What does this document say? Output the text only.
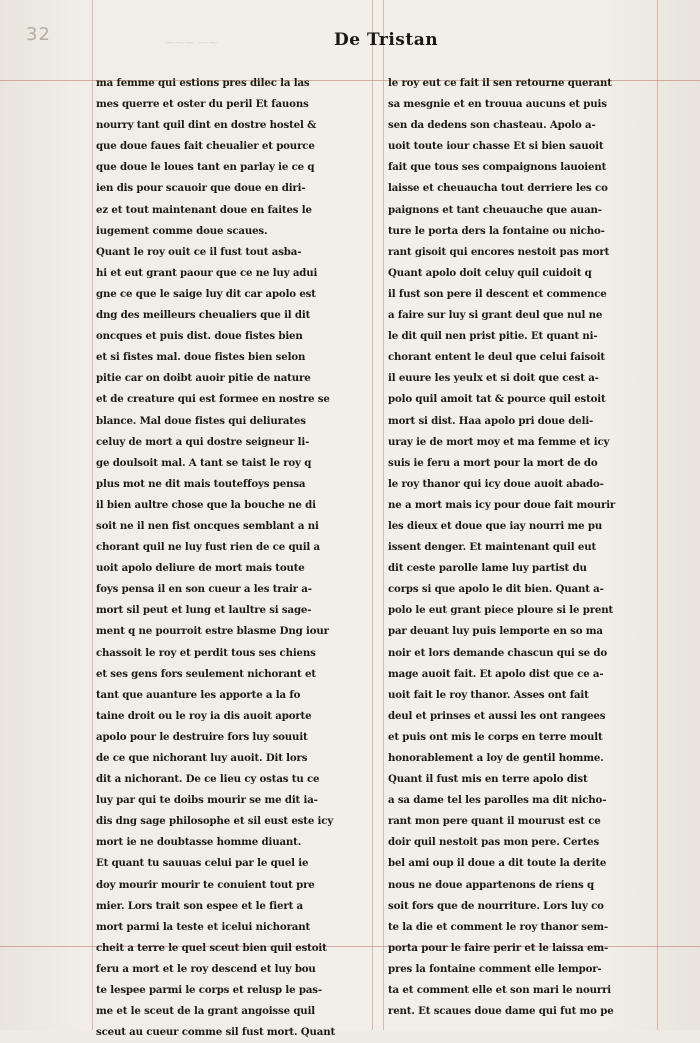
⁓⁓⁓ ⁓⁓
32	De Tristan
ma femme qui estions pres dilec la las
mes querre et oster du peril Et fauons
nourry tant quil dint en dostre hostel &
que doue faues fait cheualier et pource
que doue le loues tant en parlay ie ce q
ien dis pour scauoir que doue en diri-
ez et tout maintenant doue en faites le
iugement comme doue scaues.
Quant le roy ouit ce il fust tout asba-
hi et eut grant paour que ce ne luy adui
gne ce que le saige luy dit car apolo est
dng des meilleurs cheualiers que il dit
oncques et puis dist. doue fistes bien
et si fistes mal. doue fistes bien selon
pitie car on doibt auoir pitie de nature
et de creature qui est formee en nostre se
blance. Mal doue fistes qui deliurates
celuy de mort a qui dostre seigneur li-
ge doulsoit mal. A tant se taist le roy q
plus mot ne dit mais touteffoys pensa
il bien aultre chose que la bouche ne di
soit ne il nen fist oncques semblant a ni
chorant quil ne luy fust rien de ce quil a
uoit apolo deliure de mort mais toute
foys pensa il en son cueur a les trair a-
mort sil peut et lung et laultre si sage-
ment q ne pourroit estre blasme Dng iour
chassoit le roy et perdit tous ses chiens
et ses gens fors seulement nichorant et
tant que auanture les apporte a la fo
taine droit ou le roy ia dis auoit aporte
apolo pour le destruire fors luy souuit
de ce que nichorant luy auoit. Dit lors
dit a nichorant. De ce lieu cy ostas tu ce
luy par qui te doibs mourir se me dit ia-
dis dng sage philosophe et sil eust este icy
mort ie ne doubtasse homme diuant.
Et quant tu sauuas celui par le quel ie
doy mourir mourir te conuient tout pre
mier. Lors trait son espee et le fiert a
mort parmi la teste et icelui nichorant
cheit a terre le quel sceut bien quil estoit
feru a mort et le roy descend et luy bou
te lespee parmi le corps et relusp le pas-
me et le sceut de la grant angoisse quil
sceut au cueur comme sil fust mort. Quant
le roy eut ce fait il sen retourne querant
sa mesgnie et en trouua aucuns et puis
sen da dedens son chasteau. Apolo a-
uoit toute iour chasse Et si bien sauoit
fait que tous ses compaignons lauoient
laisse et cheuaucha tout derriere les co
paignons et tant cheuauche que auan-
ture le porta ders la fontaine ou nicho-
rant gisoit qui encores nestoit pas mort
Quant apolo doit celuy quil cuidoit q
il fust son pere il descent et commence
a faire sur luy si grant deul que nul ne
le dit quil nen prist pitie. Et quant ni-
chorant entent le deul que celui faisoit
il euure les yeulx et si doit que cest a-
polo quil amoit tat & pource quil estoit
mort si dist. Haa apolo pri doue deli-
uray ie de mort moy et ma femme et icy
suis ie feru a mort pour la mort de do
le roy thanor qui icy doue auoit abado-
ne a mort mais icy pour doue fait mourir
les dieux et doue que iay nourri me pu
issent denger. Et maintenant quil eut
dit ceste parolle lame luy partist du
corps si que apolo le dit bien. Quant a-
polo le eut grant piece ploure si le prent
par deuant luy puis lemporte en so ma
noir et lors demande chascun qui se do
mage auoit fait. Et apolo dist que ce a-
uoit fait le roy thanor. Asses ont fait
deul et prinses et aussi les ont rangees
et puis ont mis le corps en terre moult
honorablement a loy de gentil homme.
Quant il fust mis en terre apolo dist
a sa dame tel les parolles ma dit nicho-
rant mon pere quant il mourust est ce
doir quil nestoit pas mon pere. Certes
bel ami oup il doue a dit toute la derite
nous ne doue appartenons de riens q
soit fors que de nourriture. Lors luy co
te la die et comment le roy thanor sem-
porta pour le faire perir et le laissa em-
pres la fontaine comment elle lempor-
ta et comment elle et son mari le nourri
rent. Et scaues doue dame qui fut mo pe
